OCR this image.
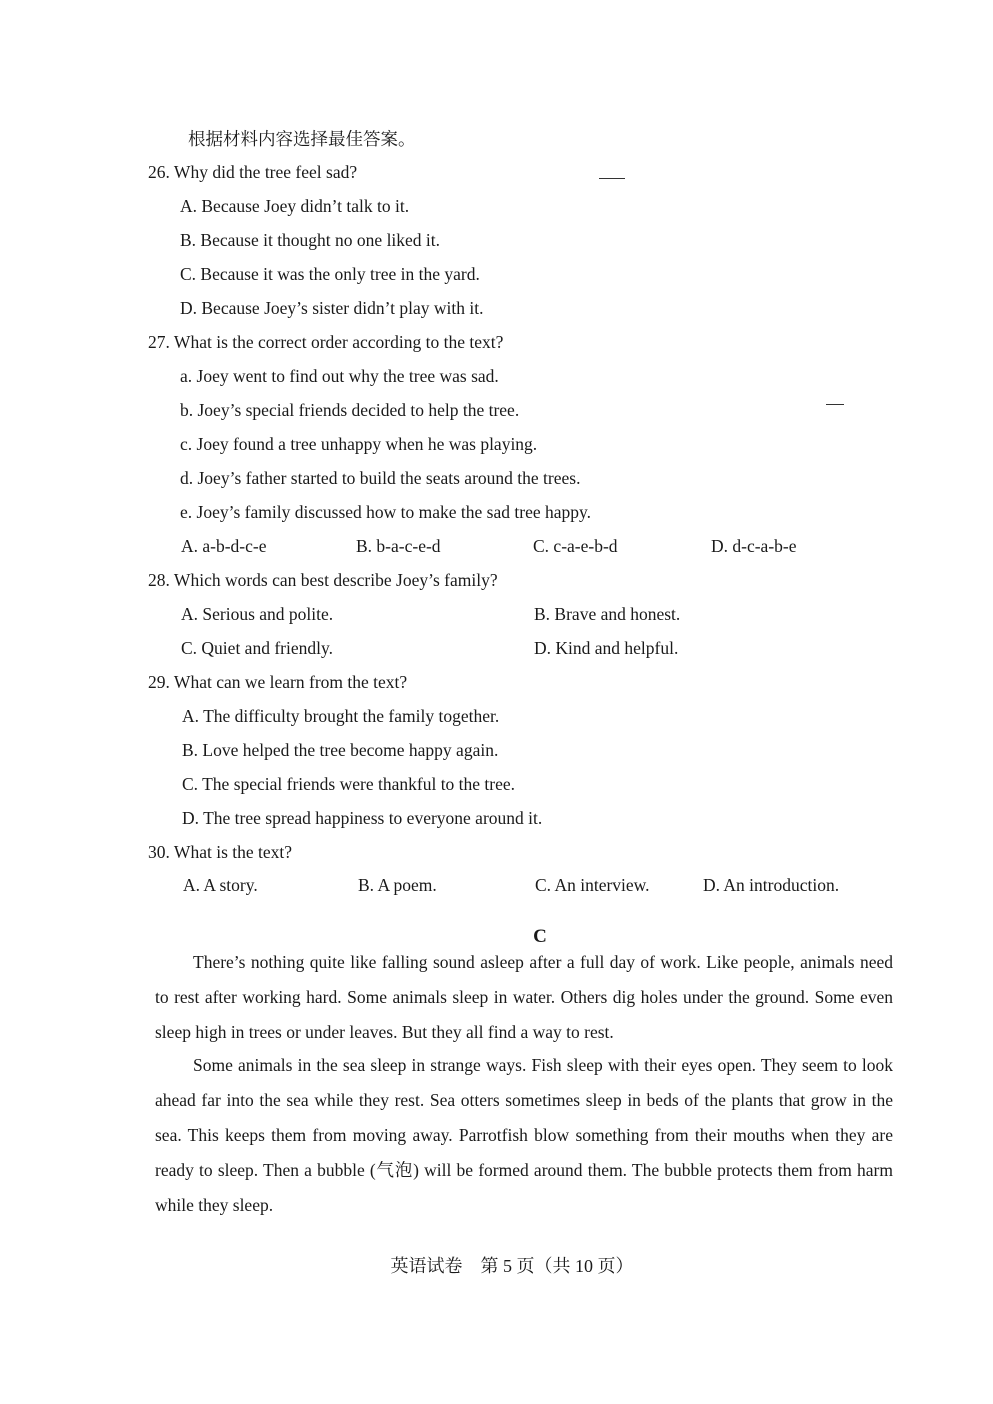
根据材料内容选择最佳答案。
26. Why did the tree feel sad?
A. Because Joey didn’t talk to it.
B. Because it thought no one liked it.
C. Because it was the only tree in the yard.
D. Because Joey’s sister didn’t play with it.
27. What is the correct order according to the text?
a. Joey went to find out why the tree was sad.
b. Joey’s special friends decided to help the tree.
c. Joey found a tree unhappy when he was playing.
d. Joey’s father started to build the seats around the trees.
e. Joey’s family discussed how to make the sad tree happy.
A. a-b-d-c-e	B. b-a-c-e-d	C. c-a-e-b-d	D. d-c-a-b-e
28. Which words can best describe Joey’s family?
A. Serious and polite.	B. Brave and honest.
C. Quiet and friendly.	D. Kind and helpful.
29. What can we learn from the text?
A. The difficulty brought the family together.
B. Love helped the tree become happy again.
C. The special friends were thankful to the tree.
D. The tree spread happiness to everyone around it.
30. What is the text?
A. A story.	B. A poem.	C. An interview.	D. An introduction.
C

There’s nothing quite like falling sound asleep after a full day of work. Like people, animals need to rest after working hard. Some animals sleep in water. Others dig holes under the ground. Some even sleep high in trees or under leaves. But they all find a way to rest.

Some animals in the sea sleep in strange ways. Fish sleep with their eyes open. They seem to look ahead far into the sea while they rest. Sea otters sometimes sleep in beds of the plants that grow in the sea. This keeps them from moving away. Parrotfish blow something from their mouths when they are ready to sleep. Then a bubble (气泡) will be formed around them. The bubble protects them from harm while they sleep.

英语试卷　第 5 页（共 10 页）
